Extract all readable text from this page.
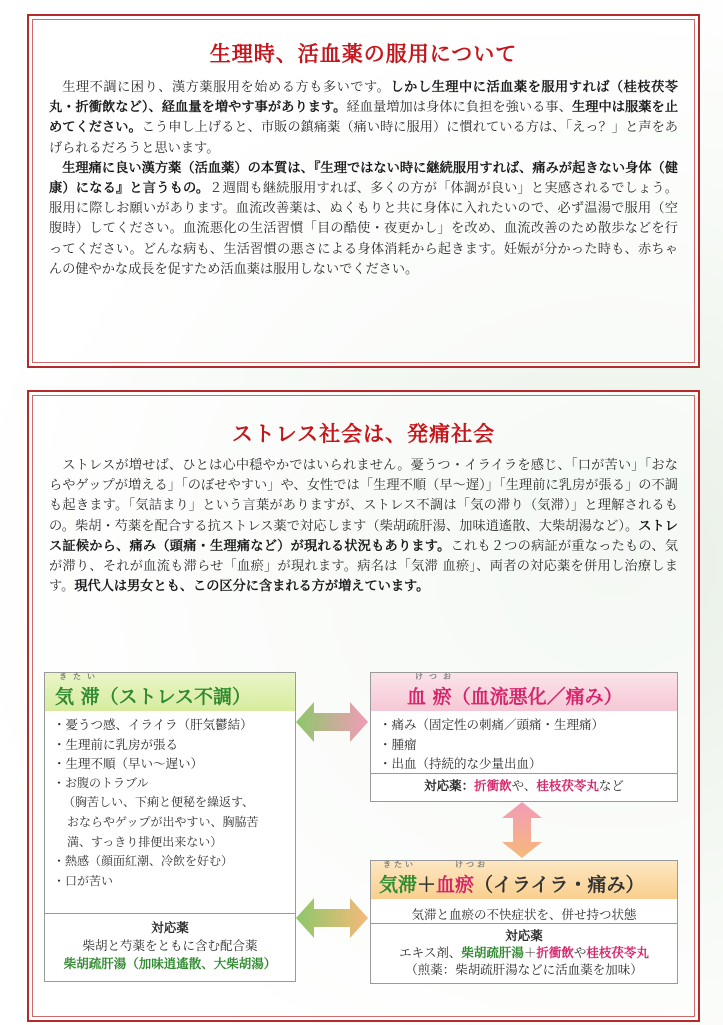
生理時、活血薬の服用について

生理不調に困り、漢方薬服用を始める方も多いです。しかし生理中に活血薬を服用すれば（桂枝茯苓丸・折衝飲など）、経血量を増やす事があります。経血量増加は身体に負担を強いる事、生理中は服薬を止めてください。こう申し上げると、市販の鎮痛薬（痛い時に服用）に慣れている方は、「えっ？」と声をあげられるだろうと思います。

生理痛に良い漢方薬（活血薬）の本質は、『生理ではない時に継続服用すれば、痛みが起きない身体（健康）になる』と言うもの。２週間も継続服用すれば、多くの方が「体調が良い」と実感されるでしょう。服用に際しお願いがあります。血流改善薬は、ぬくもりと共に身体に入れたいので、必ず温湯で服用（空腹時）してください。血流悪化の生活習慣「目の酷使・夜更かし」を改め、血流改善のため散歩などを行ってください。どんな病も、生活習慣の悪さによる身体消耗から起きます。妊娠が分かった時も、赤ちゃんの健やかな成長を促すため活血薬は服用しないでください。

ストレス社会は、発痛社会

ストレスが増せば、ひとは心中穏やかではいられません。憂うつ・イライラを感じ、「口が苦い」「おならやゲップが増える」「のぼせやすい」や、女性では「生理不順（早～遅）」「生理前に乳房が張る」の不調も起きます。「気詰まり」という言葉がありますが、ストレス不調は「気の滞り（気滞）」と理解されるもの。柴胡・芍薬を配合する抗ストレス薬で対応します（柴胡疏肝湯、加味逍遙散、大柴胡湯など）。ストレス証候から、痛み（頭痛・生理痛など）が現れる状況もあります。これも２つの病証が重なったもの、気が滞り、それが血流も滞らせ「血瘀」が現れます。病名は「気滞 血瘀」、両者の対応薬を併用し治療します。現代人は男女とも、この区分に含まれる方が増えています。

きたい
気 滞（ストレス不調）
・憂うつ感、イライラ（肝気鬱結）
・生理前に乳房が張る
・生理不順（早い～遅い）
・お腹のトラブル
（胸苦しい、下痢と便秘を繰返す、
おならやゲップが出やすい、胸脇苦
満、すっきり排便出来ない）
・熱感（顔面紅潮、冷飲を好む）
・口が苦い
対応薬
柴胡と芍薬をともに含む配合薬
柴胡疏肝湯（加味逍遙散、大柴胡湯）
けつお
血 瘀（血流悪化／痛み）
・痛み（固定性の刺痛／頭痛・生理痛）
・腫瘤
・出血（持続的な少量出血）
対応薬：折衝飲や、桂枝茯苓丸など
きたい	けつお
気滞＋血瘀（イライラ・痛み）
気滞と血瘀の不快症状を、併せ持つ状態
対応薬
エキス剤、柴胡疏肝湯＋折衝飲や桂枝茯苓丸
（煎薬：柴胡疏肝湯などに活血薬を加味）
